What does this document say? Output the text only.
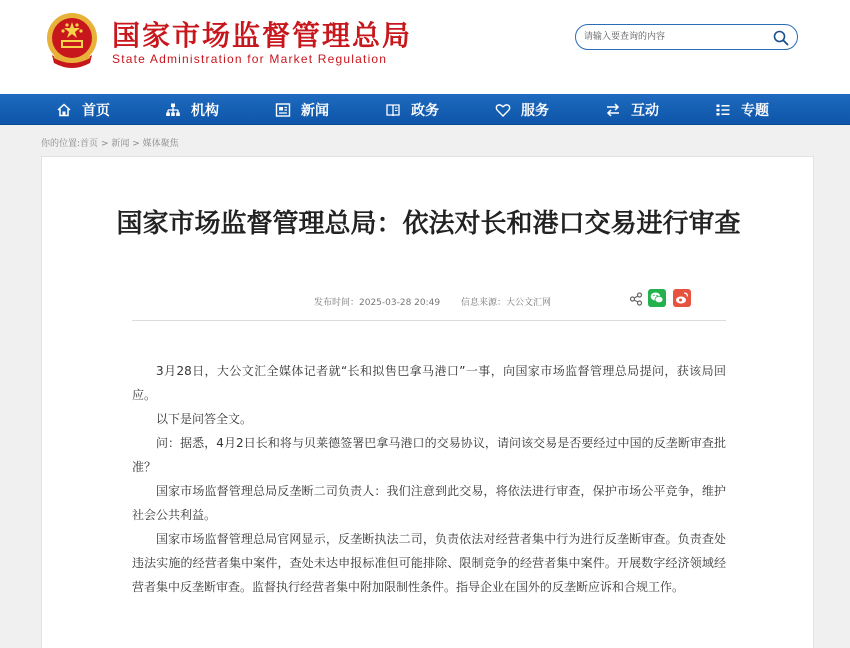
国家市场监督管理总局
State Administration for Market Regulation
请输入要查询的内容
首页	机构	新闻	政务	服务	互动	专题
你的位置:首页 > 新闻 > 媒体聚焦
国家市场监督管理总局：依法对长和港口交易进行审查
发布时间：2025-03-28 20:49 信息来源：大公文汇网

3月28日，大公文汇全媒体记者就“长和拟售巴拿马港口”一事，向国家市场监督管理总局提问，获该局回应。

以下是问答全文。

问：据悉，4月2日长和将与贝莱德签署巴拿马港口的交易协议，请问该交易是否要经过中国的反垄断审查批准？

国家市场监督管理总局反垄断二司负责人：我们注意到此交易，将依法进行审查，保护市场公平竞争，维护社会公共利益。

国家市场监督管理总局官网显示，反垄断执法二司，负责依法对经营者集中行为进行反垄断审查。负责查处违法实施的经营者集中案件，查处未达申报标准但可能排除、限制竞争的经营者集中案件。开展数字经济领域经营者集中反垄断审查。监督执行经营者集中附加限制性条件。指导企业在国外的反垄断应诉和合规工作。
